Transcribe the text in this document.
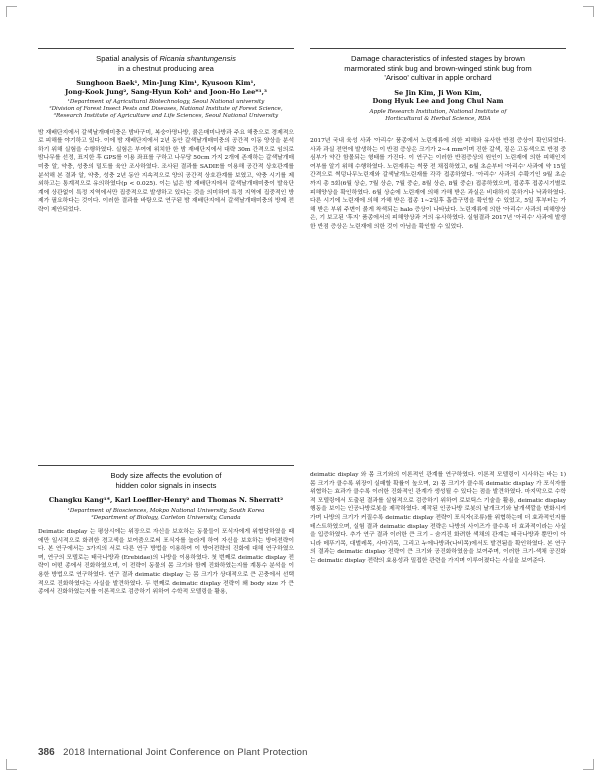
Spatial analysis of Ricania shantungensis
in a chestnut producing area

Sunghoon Baek¹, Min-Jung Kim¹, Kyusoon Kim¹,
Jong-Kook Jung², Sang-Hyun Koh² and Joon-Ho Lee*¹,³

¹Department of Agricultural Biotechnology, Seoul National university
²Division of Forest Insect Pests and Diseases, National Institute of Forest Science,
³Research Institute of Agriculture and Life Sciences, Seoul National University

밤 재배단지에서 갈색날개매미충은 밤바구미, 복숭아명나방, 붉은매미나방과 주요 해충으로 경제적으로 피해를 야기하고 있다. 이에 밤 재배단지에서 2년 동안 갈색날개매미충의 공간적 이동 양상을 분석하기 위해 실험을 수행하였다. 실험은 부여에 위치한 한 밤 재배단지에서 대략 30m 간격으로 임의로 밤나무를 선정, 표지한 후 GPS를 이용 좌표를 구하고 나무당 50cm 가지 2개에 존재하는 갈색날개매미충 알, 약충, 성충의 밀도를 육안 조사하였다. 조사된 결과를 SADIE를 이용해 공간적 상호관계를 분석해 본 결과 알, 약충, 성충 2년 동안 지속적으로 양의 공간적 상호관계를 보였고, 약충 시기를 제외하고는 통계적으로 유의하였다(p < 0.025). 이는 넓은 밤 재배단지에서 갈색날개매미충이 발육단계에 상관없이 특정 지역에서만 집중적으로 발생하고 있다는 것을 의미하며 특정 지역에 집중적인 방제가 필요하다는 것이다. 이러한 결과를 바탕으로 연구된 밤 재배단지에서 갈색날개매미충의 방제 전략이 제안되었다.

Damage characteristics of infested stages by brown
marmorated stink bug and brown-winged stink bug from
'Arisoo' cultivar in apple orchard

Se Jin Kim, Ji Won Kim,
Dong Hyuk Lee and Jong Chul Nam

Apple Research Institution, National Institute of
Horticultural & Herbal Science, RDA

2017년 국내 육성 사과 '아리수' 품종에서 노린재류에 의한 피해와 유사한 반점 증상이 확인되었다. 사과 과실 전면에 발생하는 이 반점 증상은 크기가 2∼4 mm이며 진한 갈색, 짙은 고동색으로 반점 중심부가 약간 함몰되는 형태를 가진다. 이 연구는 이러한 반점증상의 원인이 노린재에 의한 피해인지 여부를 알기 위해 수행하였다. 노린재류는 썩풍 전 채집하였고, 6월 초순부터 '아리수' 사과에 약 15일 간격으로 썩덩나무노린재와 갈색날개노린재를 각각 접종하였다. '아리수' 사과의 수확기인 9월 초순까지 총 5회(6월 상순, 7월 상순, 7월 중순, 8월 상순, 8월 중순) 접종하였으며, 접종후 접종시기별로 피해양상을 확인하였다. 6월 상순에 노린재에 의해 가해 받은 과실은 비대하지 못하거나 낙과하였다. 다른 시기에 노린재에 의해 가해 받은 접종 1∼2일후 흡즙구멍을 확인할 수 있었고, 5일 후부터는 가해 받은 부위 주변이 붉게 착색되는 halo 증상이 나타났다. 노린재류에 의한 '아리수' 사과의 피해양상은, 기 보고된 '후지' 품종에서의 피해양상과 거의 유사하였다. 실험결과 2017년 '아리수' 사과에 발생한 반점 증상은 노린재에 의한 것이 아님을 확인할 수 있었다.

Body size affects the evolution of
hidden color signals in insects

Changku Kang¹*, Karl Loeffler-Henry² and Thomas N. Sherratt²

¹Department of Biosciences, Mokpo National University, South Korea
²Department of Biology, Carleton University, Canada

Deimatic display 는 평상시에는 위장으로 자신을 보호하는 동물들이 포식자에게 위협당하였을 때에만 일시적으로 화려한 경고색을 보여줌으로써 포식자를 놀라게 하여 자신을 보호하는 방어전략이다. 본 연구에서는 3가지의 서로 다른 연구 방법을 이용하여 이 방어전략의 진화에 대해 연구하였으며, 연구의 모델로는 태극나방과 (Erebidae)의 나방을 이용하였다. 첫 번째로 deimatic display 전략이 어떤 종에서 진화하였으며, 이 전략이 동물의 몸 크기와 함께 진화하였는지를 계통수 분석을 이용한 방법으로 연구하였다. 연구 결과 deimatic display 는 몸 크기가 상대적으로 큰 곤충에서 선택적으로 진화하였다는 사실을 발견하였다. 두 번째로 deimatic display 전략이 왜 body size 가 큰 종에서 진화하였는지를 이론적으로 검증하기 위하여 수학적 모델링을 활용,

deimatic display 와 몸 크기와의 이론적인 관계를 연구하였다. 이론적 모델링이 시사하는 바는 1) 몸 크기가 클수록 위장이 실패할 확률이 높으며, 2) 몸 크기가 클수록 deimatic display 가 포식자를 위협하는 효과가 클수록 이러한 진화적인 관계가 생성될 수 있다는 점을 발견하였다. 마지막으로 수학적 모델링에서 도출된 결과를 실험적으로 검증하기 위하여 로보틱스 기술을 활용, deimatic display 행동을 보이는 인공나방로봇을 제작하였다. 제작된 인공나방 로봇의 날개크기와 날개색깔을 변화시켜가며 나방의 크기가 커질수록 deimatic display 전략이 포식자(조류)를 위협하는데 더 효과적인지를 테스트하였으며, 실험 결과 deimatic display 전략은 나방의 사이즈가 클수록 더 효과적이라는 사실을 입증하였다. 추가 연구 결과 이러한 큰 크기 – 숨겨진 화려한 색채의 관계는 태극나방과 뿐만이 아니라 메뚜기목, 대벌레목, 사마귀목, 그리고 누에나방과(나비목)에서도 발견됨을 확인하였다. 본 연구의 결과는 deimatic display 전략이 큰 크기와 공진화하였음을 보여주며, 이러한 크기-색채 공진화는 deimatic display 전략의 효용성과 밀접한 관련을 가지며 이루어졌다는 사실을 보여준다.

386 2018 International Joint Conference on Plant Protection
